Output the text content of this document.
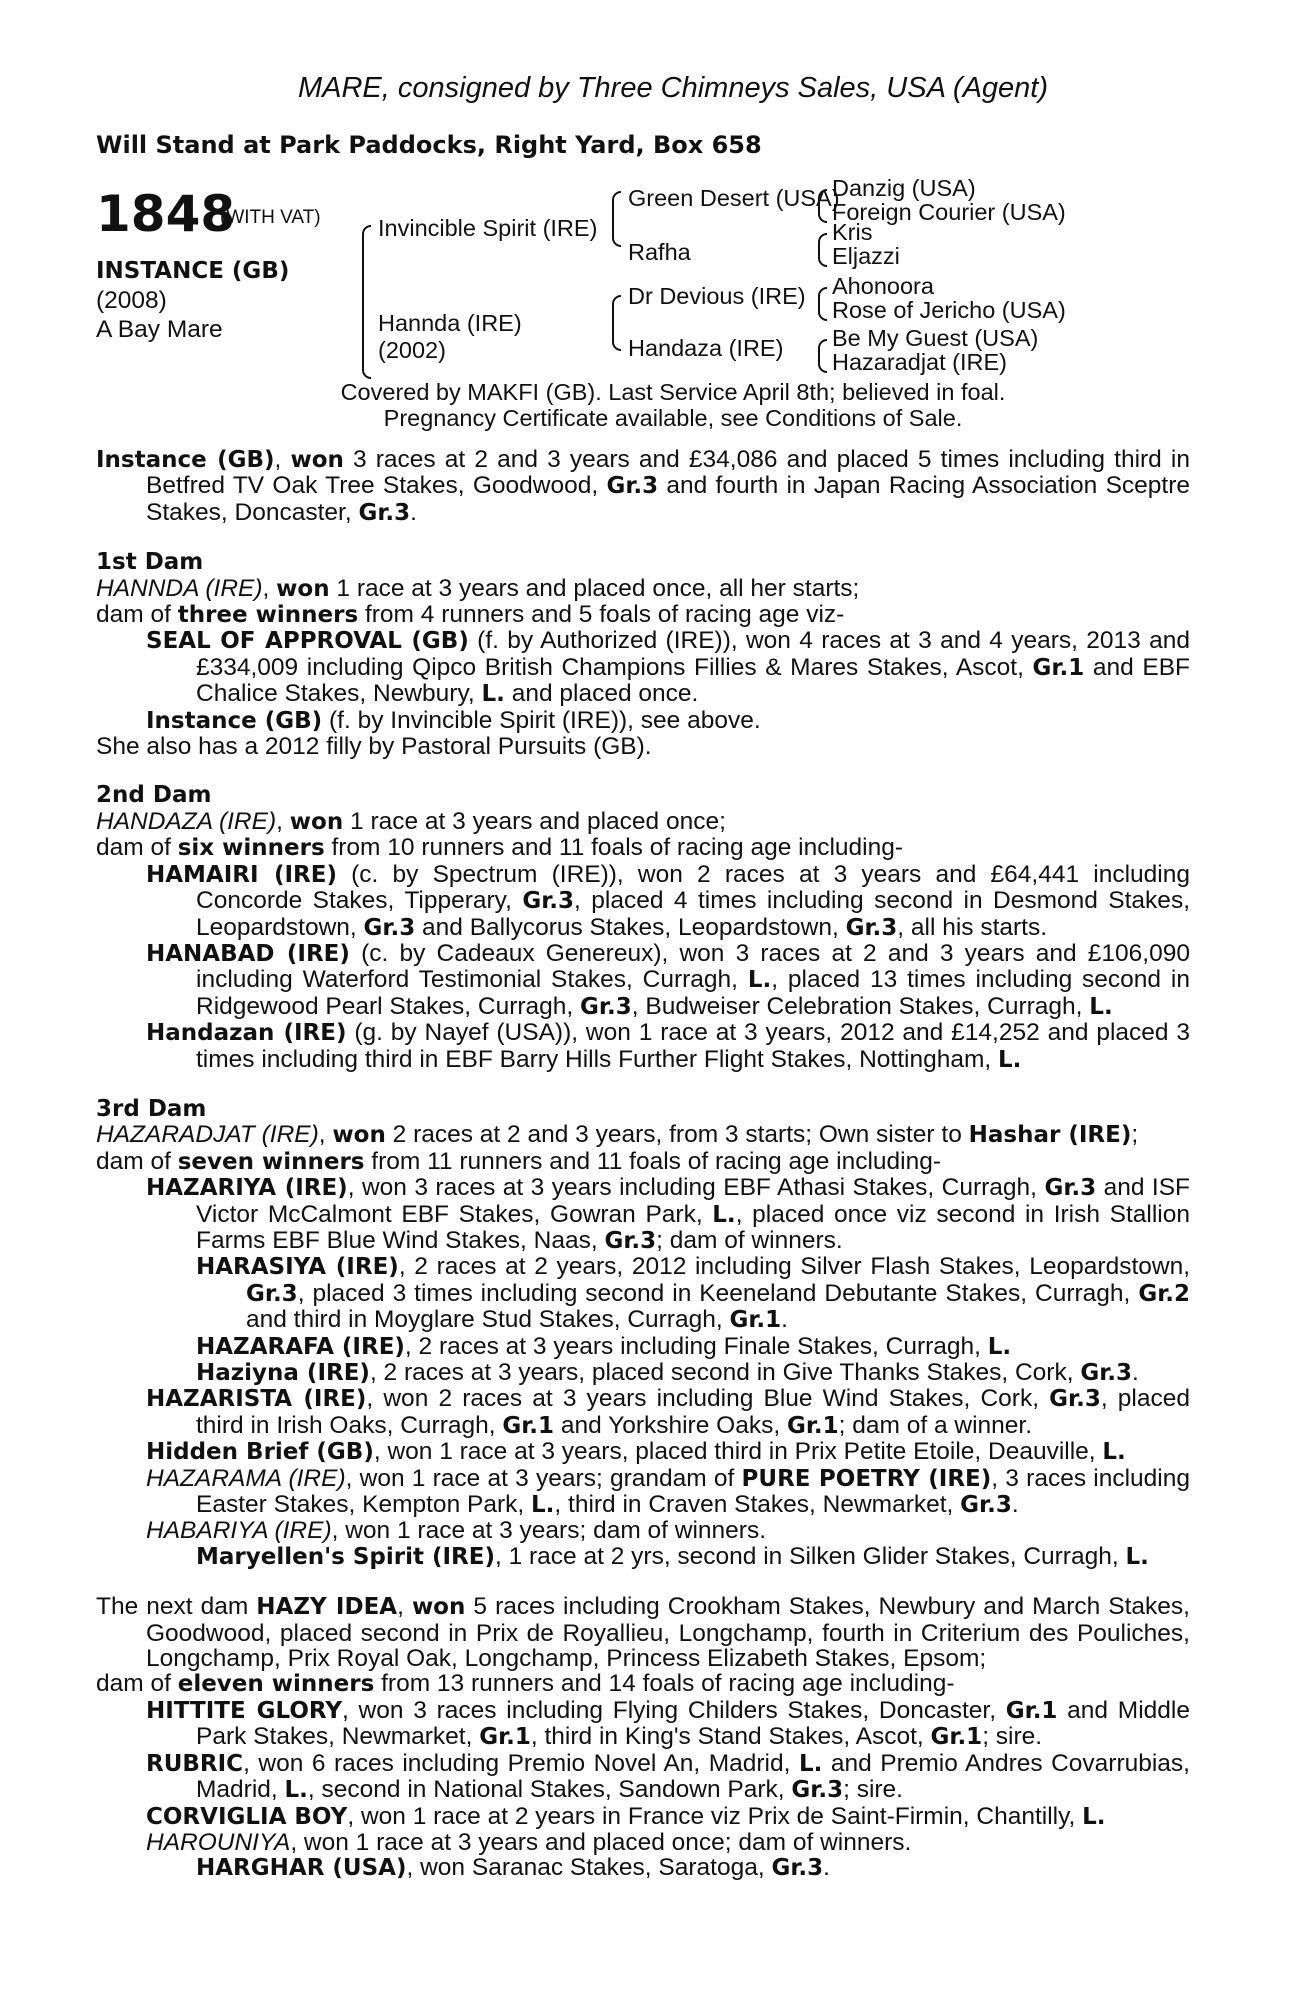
MARE, consigned by Three Chimneys Sales, USA (Agent)
Will Stand at Park Paddocks, Right Yard, Box 658
1848
(WITH VAT)
INSTANCE (GB)
(2008)
A Bay Mare
Invincible Spirit (IRE)
Hannda (IRE)
(2002)
Green Desert (USA)
Rafha
Dr Devious (IRE)
Handaza (IRE)
Danzig (USA)
Foreign Courier (USA)
Kris
Eljazzi
Ahonoora
Rose of Jericho (USA)
Be My Guest (USA)
Hazaradjat (IRE)
Covered by MAKFI (GB). Last Service April 8th; believed in foal.
Pregnancy Certificate available, see Conditions of Sale.
Instance (GB), won 3 races at 2 and 3 years and £34,086 and placed 5 times including third in Betfred TV Oak Tree Stakes, Goodwood, Gr.3 and fourth in Japan Racing Association Sceptre Stakes, Doncaster, Gr.3.
1st Dam
HANNDA (IRE), won 1 race at 3 years and placed once, all her starts;
dam of three winners from 4 runners and 5 foals of racing age viz-
SEAL OF APPROVAL (GB) (f. by Authorized (IRE)), won 4 races at 3 and 4 years, 2013 and £334,009 including Qipco British Champions Fillies & Mares Stakes, Ascot, Gr.1 and EBF Chalice Stakes, Newbury, L. and placed once.
Instance (GB) (f. by Invincible Spirit (IRE)), see above.
She also has a 2012 filly by Pastoral Pursuits (GB).
2nd Dam
HANDAZA (IRE), won 1 race at 3 years and placed once;
dam of six winners from 10 runners and 11 foals of racing age including-
HAMAIRI (IRE) (c. by Spectrum (IRE)), won 2 races at 3 years and £64,441 including Concorde Stakes, Tipperary, Gr.3, placed 4 times including second in Desmond Stakes, Leopardstown, Gr.3 and Ballycorus Stakes, Leopardstown, Gr.3, all his starts.
HANABAD (IRE) (c. by Cadeaux Genereux), won 3 races at 2 and 3 years and £106,090 including Waterford Testimonial Stakes, Curragh, L., placed 13 times including second in Ridgewood Pearl Stakes, Curragh, Gr.3, Budweiser Celebration Stakes, Curragh, L.
Handazan (IRE) (g. by Nayef (USA)), won 1 race at 3 years, 2012 and £14,252 and placed 3 times including third in EBF Barry Hills Further Flight Stakes, Nottingham, L.
3rd Dam
HAZARADJAT (IRE), won 2 races at 2 and 3 years, from 3 starts; Own sister to Hashar (IRE);
dam of seven winners from 11 runners and 11 foals of racing age including-
HAZARIYA (IRE), won 3 races at 3 years including EBF Athasi Stakes, Curragh, Gr.3 and ISF Victor McCalmont EBF Stakes, Gowran Park, L., placed once viz second in Irish Stallion Farms EBF Blue Wind Stakes, Naas, Gr.3; dam of winners.
HARASIYA (IRE), 2 races at 2 years, 2012 including Silver Flash Stakes, Leopardstown, Gr.3, placed 3 times including second in Keeneland Debutante Stakes, Curragh, Gr.2 and third in Moyglare Stud Stakes, Curragh, Gr.1.
HAZARAFA (IRE), 2 races at 3 years including Finale Stakes, Curragh, L.
Haziyna (IRE), 2 races at 3 years, placed second in Give Thanks Stakes, Cork, Gr.3.
HAZARISTA (IRE), won 2 races at 3 years including Blue Wind Stakes, Cork, Gr.3, placed third in Irish Oaks, Curragh, Gr.1 and Yorkshire Oaks, Gr.1; dam of a winner.
Hidden Brief (GB), won 1 race at 3 years, placed third in Prix Petite Etoile, Deauville, L.
HAZARAMA (IRE), won 1 race at 3 years; grandam of PURE POETRY (IRE), 3 races including Easter Stakes, Kempton Park, L., third in Craven Stakes, Newmarket, Gr.3.
HABARIYA (IRE), won 1 race at 3 years; dam of winners.
Maryellen's Spirit (IRE), 1 race at 2 yrs, second in Silken Glider Stakes, Curragh, L.
The next dam HAZY IDEA, won 5 races including Crookham Stakes, Newbury and March Stakes, Goodwood, placed second in Prix de Royallieu, Longchamp, fourth in Criterium des Pouliches, Longchamp, Prix Royal Oak, Longchamp, Princess Elizabeth Stakes, Epsom;
dam of eleven winners from 13 runners and 14 foals of racing age including-
HITTITE GLORY, won 3 races including Flying Childers Stakes, Doncaster, Gr.1 and Middle Park Stakes, Newmarket, Gr.1, third in King's Stand Stakes, Ascot, Gr.1; sire.
RUBRIC, won 6 races including Premio Novel An, Madrid, L. and Premio Andres Covarrubias, Madrid, L., second in National Stakes, Sandown Park, Gr.3; sire.
CORVIGLIA BOY, won 1 race at 2 years in France viz Prix de Saint-Firmin, Chantilly, L.
HAROUNIYA, won 1 race at 3 years and placed once; dam of winners.
HARGHAR (USA), won Saranac Stakes, Saratoga, Gr.3.
